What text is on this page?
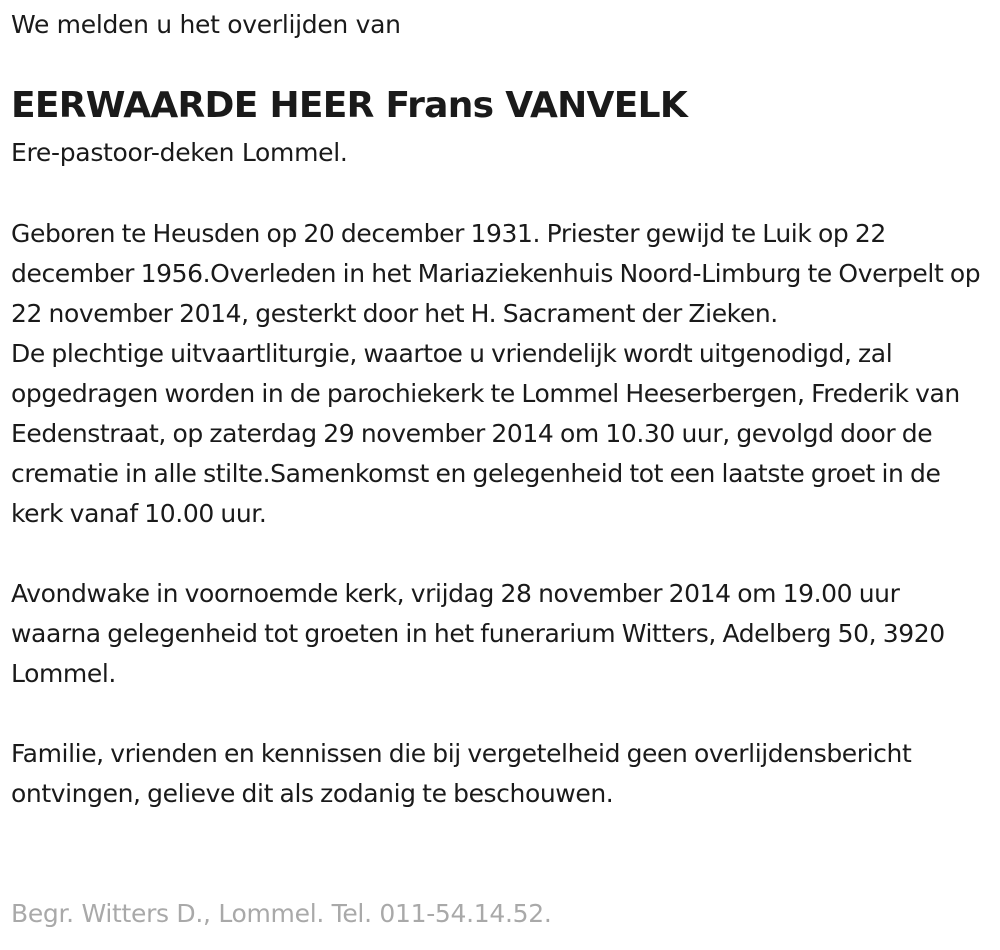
We melden u het overlijden van
EERWAARDE HEER Frans VANVELK
Ere-pastoor-deken Lommel.

Geboren te Heusden op 20 december 1931. Priester gewijd te Luik op 22 december 1956.Overleden in het Mariaziekenhuis Noord-Limburg te Overpelt op 22 november 2014, gesterkt door het H. Sacrament der Zieken.

De plechtige uitvaartliturgie, waartoe u vriendelijk wordt uitgenodigd, zal opgedragen worden in de parochiekerk te Lommel Heeserbergen, Frederik van Eedenstraat, op zaterdag 29 november 2014 om 10.30 uur, gevolgd door de crematie in alle stilte.Samenkomst en gelegenheid tot een laatste groet in de kerk vanaf 10.00 uur.

Avondwake in voornoemde kerk, vrijdag 28 november 2014 om 19.00 uur waarna gelegenheid tot groeten in het funerarium Witters, Adelberg 50, 3920 Lommel.

Familie, vrienden en kennissen die bij vergetelheid geen overlijdensbericht ontvingen, gelieve dit als zodanig te beschouwen.

Begr. Witters D., Lommel. Tel. 011-54.14.52.
